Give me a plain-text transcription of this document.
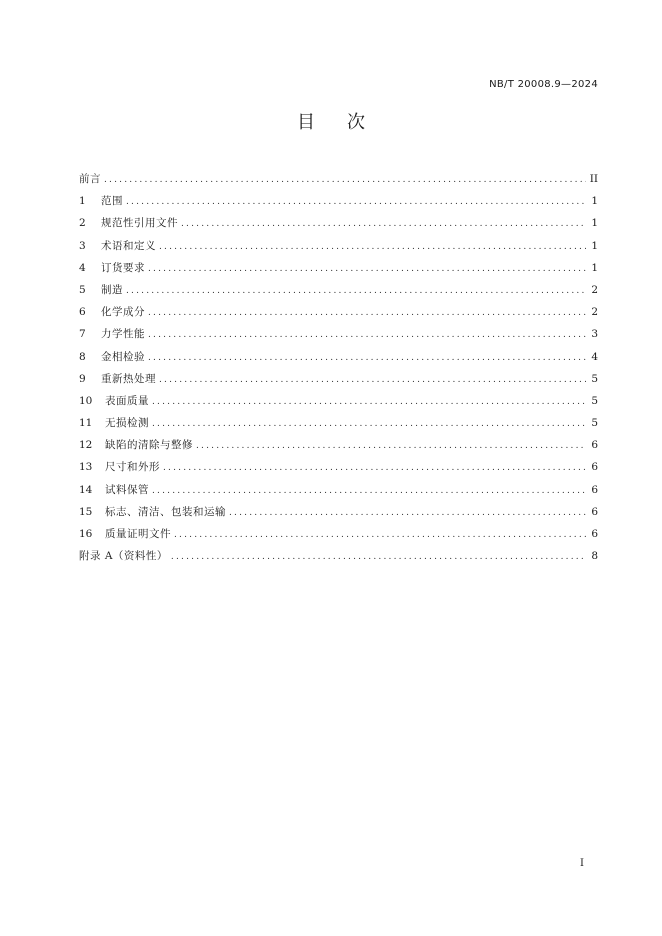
NB/T 20008.9—2024
目次
前言 .....	II
1	范围 .....	1
2	规范性引用文件 .....	1
3	术语和定义 .....	1
4	订货要求 .....	1
5	制造 .....	2
6	化学成分 .....	2
7	力学性能 .....	3
8	金相检验 .....	4
9	重新热处理 .....	5
10	表面质量 .....	5
11	无损检测 .....	5
12	缺陷的清除与整修 .....	6
13	尺寸和外形 .....	6
14	试料保管 .....	6
15	标志、清洁、包装和运输 .....	6
16	质量证明文件 .....	6
附录 A（资料性） .....	8
I
